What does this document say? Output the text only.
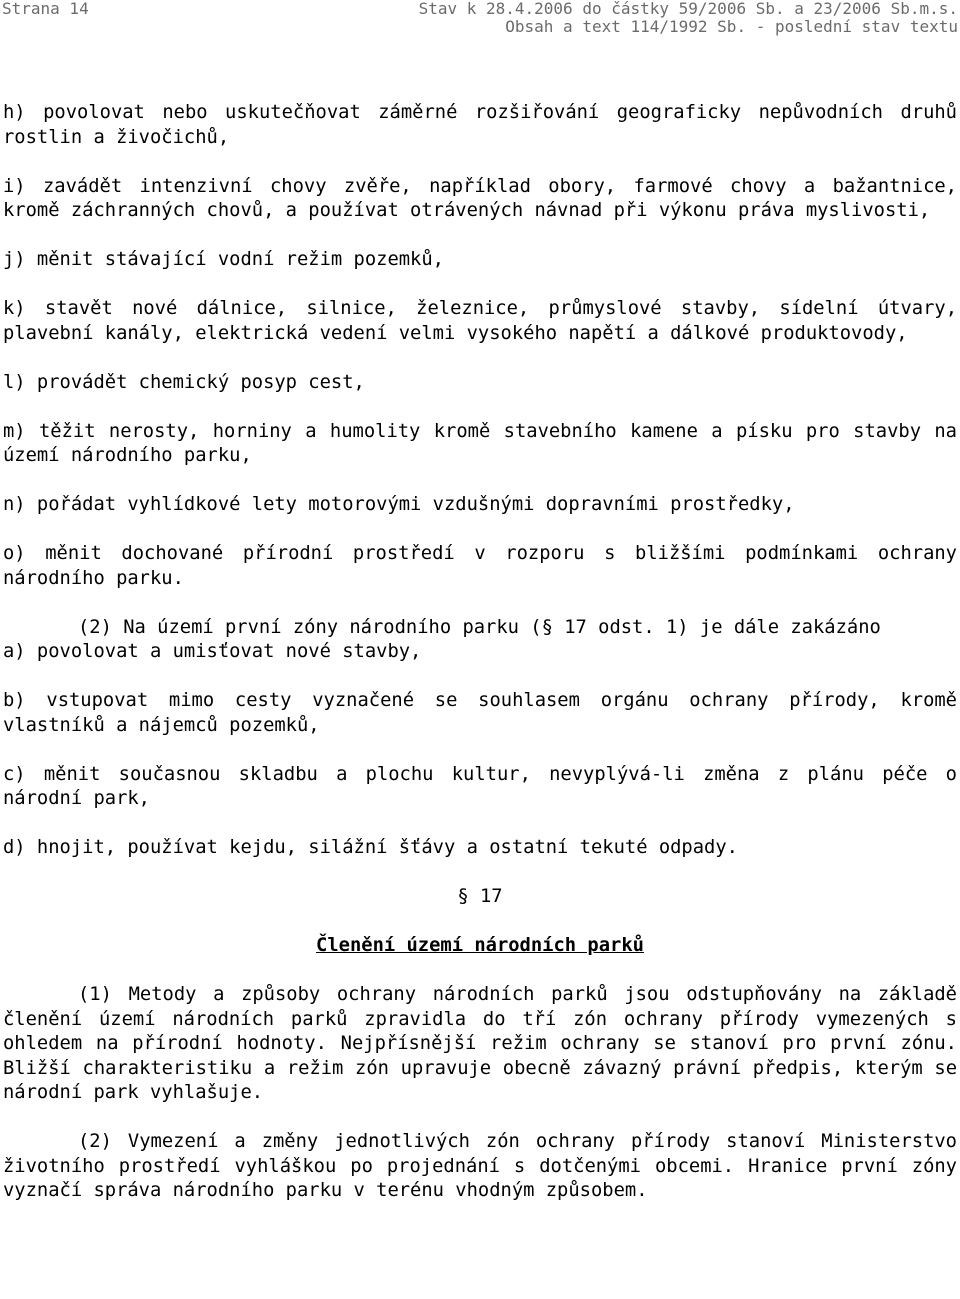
Strana 14	Stav k 28.4.2006 do částky 59/2006 Sb. a 23/2006 Sb.m.s.
Obsah a text 114/1992 Sb. - poslední stav textu

h) povolovat nebo uskutečňovat záměrné rozšiřování geograficky nepůvodních druhů rostlin a živočichů,

i) zavádět intenzivní chovy zvěře, například obory, farmové chovy a bažantnice, kromě záchranných chovů, a používat otrávených návnad při výkonu práva myslivosti,

j) měnit stávající vodní režim pozemků,

k) stavět nové dálnice, silnice, železnice, průmyslové stavby, sídelní útvary, plavební kanály, elektrická vedení velmi vysokého napětí a dálkové produktovody,

l) provádět chemický posyp cest,

m) těžit nerosty, horniny a humolity kromě stavebního kamene a písku pro stavby na území národního parku,

n) pořádat vyhlídkové lety motorovými vzdušnými dopravními prostředky,

o) měnit dochované přírodní prostředí v rozporu s bližšími podmínkami ochrany národního parku.

(2) Na území první zóny národního parku (§ 17 odst. 1) je dále zakázáno

a) povolovat a umisťovat nové stavby,

b) vstupovat mimo cesty vyznačené se souhlasem orgánu ochrany přírody, kromě vlastníků a nájemců pozemků,

c) měnit současnou skladbu a plochu kultur, nevyplývá-li změna z plánu péče o národní park,

d) hnojit, používat kejdu, silážní šťávy a ostatní tekuté odpady.

§ 17

Členění území národních parků

(1) Metody a způsoby ochrany národních parků jsou odstupňovány na základě členění území národních parků zpravidla do tří zón ochrany přírody vymezených s ohledem na přírodní hodnoty. Nejpřísnější režim ochrany se stanoví pro první zónu. Bližší charakteristiku a režim zón upravuje obecně závazný právní předpis, kterým se národní park vyhlašuje.

(2) Vymezení a změny jednotlivých zón ochrany přírody stanoví Ministerstvo životního prostředí vyhláškou po projednání s dotčenými obcemi. Hranice první zóny vyznačí správa národního parku v terénu vhodným způsobem.
